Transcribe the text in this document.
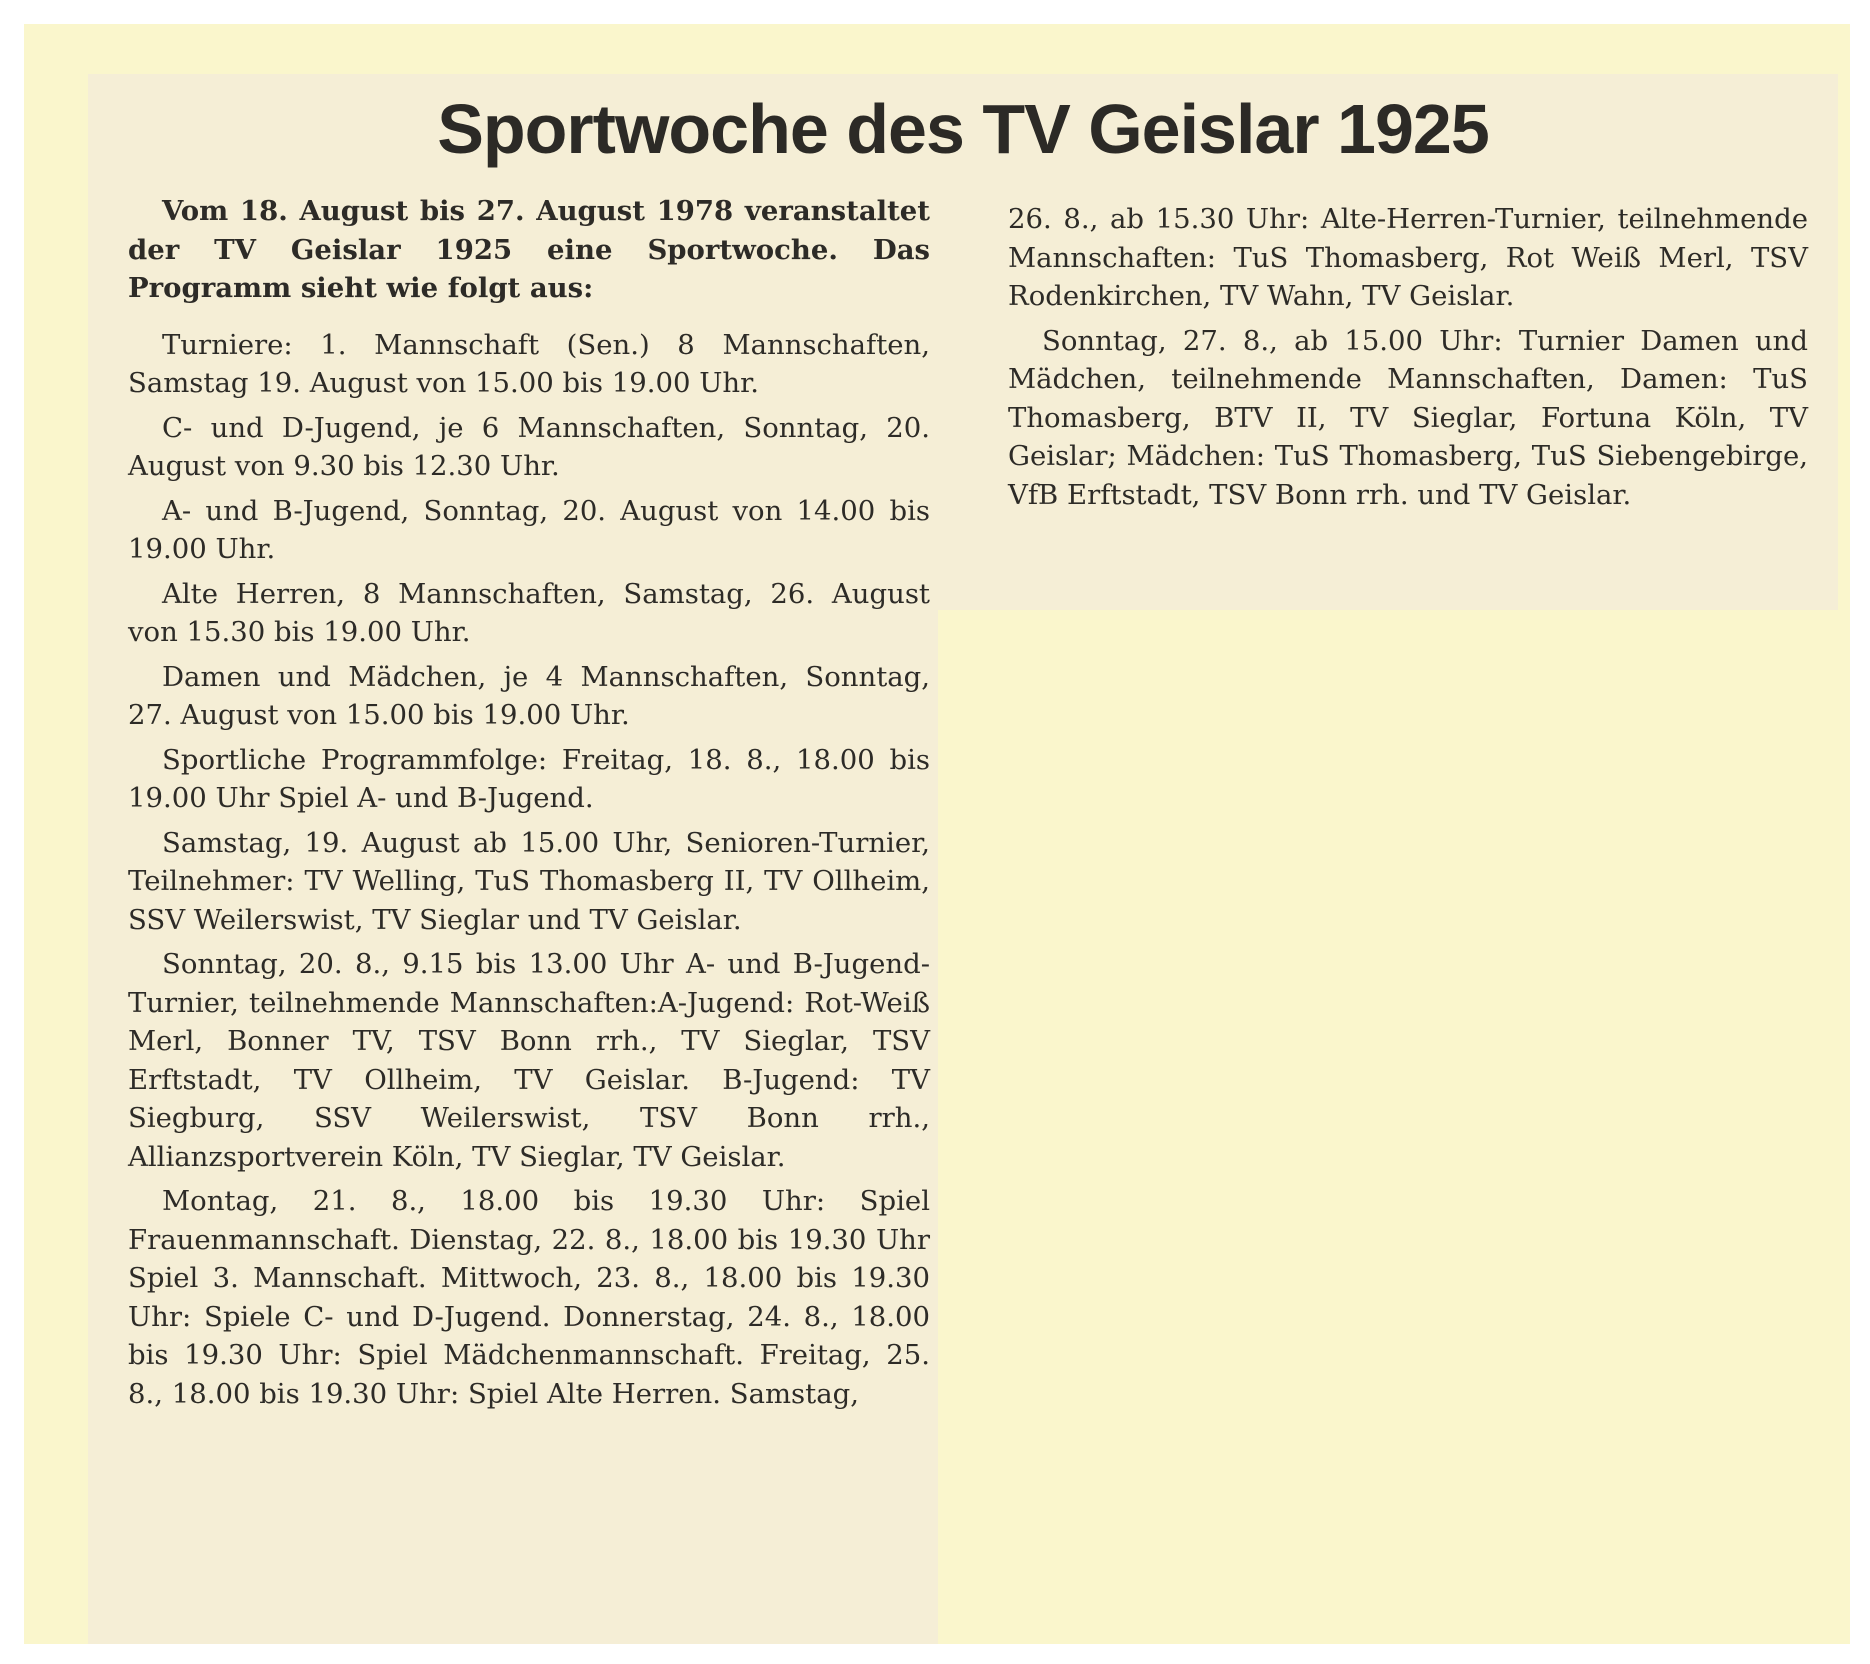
Sportwoche des TV Geislar 1925

Vom 18. August bis 27. August 1978 veranstaltet der TV Geislar 1925 eine Sportwoche. Das Programm sieht wie folgt aus:

Turniere: 1. Mannschaft (Sen.) 8 Mannschaften, Samstag 19. August von 15.00 bis 19.00 Uhr.

C- und D-Jugend, je 6 Mannschaften, Sonntag, 20. August von 9.30 bis 12.30 Uhr.

A- und B-Jugend, Sonntag, 20. August von 14.00 bis 19.00 Uhr.

Alte Herren, 8 Mannschaften, Samstag, 26. August von 15.30 bis 19.00 Uhr.

Damen und Mädchen, je 4 Mannschaften, Sonntag, 27. August von 15.00 bis 19.00 Uhr.

Sportliche Programmfolge: Freitag, 18. 8., 18.00 bis 19.00 Uhr Spiel A- und B-Jugend.

Samstag, 19. August ab 15.00 Uhr, Senioren-Turnier, Teilnehmer: TV Welling, TuS Thomasberg II, TV Ollheim, SSV Weilerswist, TV Sieglar und TV Geislar.

Sonntag, 20. 8., 9.15 bis 13.00 Uhr A- und B-Jugend-Turnier, teilnehmende Mannschaften:A-Jugend: Rot-Weiß Merl, Bonner TV, TSV Bonn rrh., TV Sieglar, TSV Erftstadt, TV Ollheim, TV Geislar. B-Jugend: TV Siegburg, SSV Weilerswist, TSV Bonn rrh., Allianzsportverein Köln, TV Sieglar, TV Geislar.

Montag, 21. 8., 18.00 bis 19.30 Uhr: Spiel Frauenmannschaft. Dienstag, 22. 8., 18.00 bis 19.30 Uhr Spiel 3. Mannschaft. Mittwoch, 23. 8., 18.00 bis 19.30 Uhr: Spiele C- und D-Jugend. Donnerstag, 24. 8., 18.00 bis 19.30 Uhr: Spiel Mädchenmannschaft. Freitag, 25. 8., 18.00 bis 19.30 Uhr: Spiel Alte Herren. Samstag,

26. 8., ab 15.30 Uhr: Alte-Herren-Turnier, teilnehmende Mannschaften: TuS Thomasberg, Rot Weiß Merl, TSV Rodenkirchen, TV Wahn, TV Geislar.

Sonntag, 27. 8., ab 15.00 Uhr: Turnier Damen und Mädchen, teilnehmende Mannschaften, Damen: TuS Thomasberg, BTV II, TV Sieglar, Fortuna Köln, TV Geislar; Mädchen: TuS Thomasberg, TuS Siebengebirge, VfB Erftstadt, TSV Bonn rrh. und TV Geislar.
